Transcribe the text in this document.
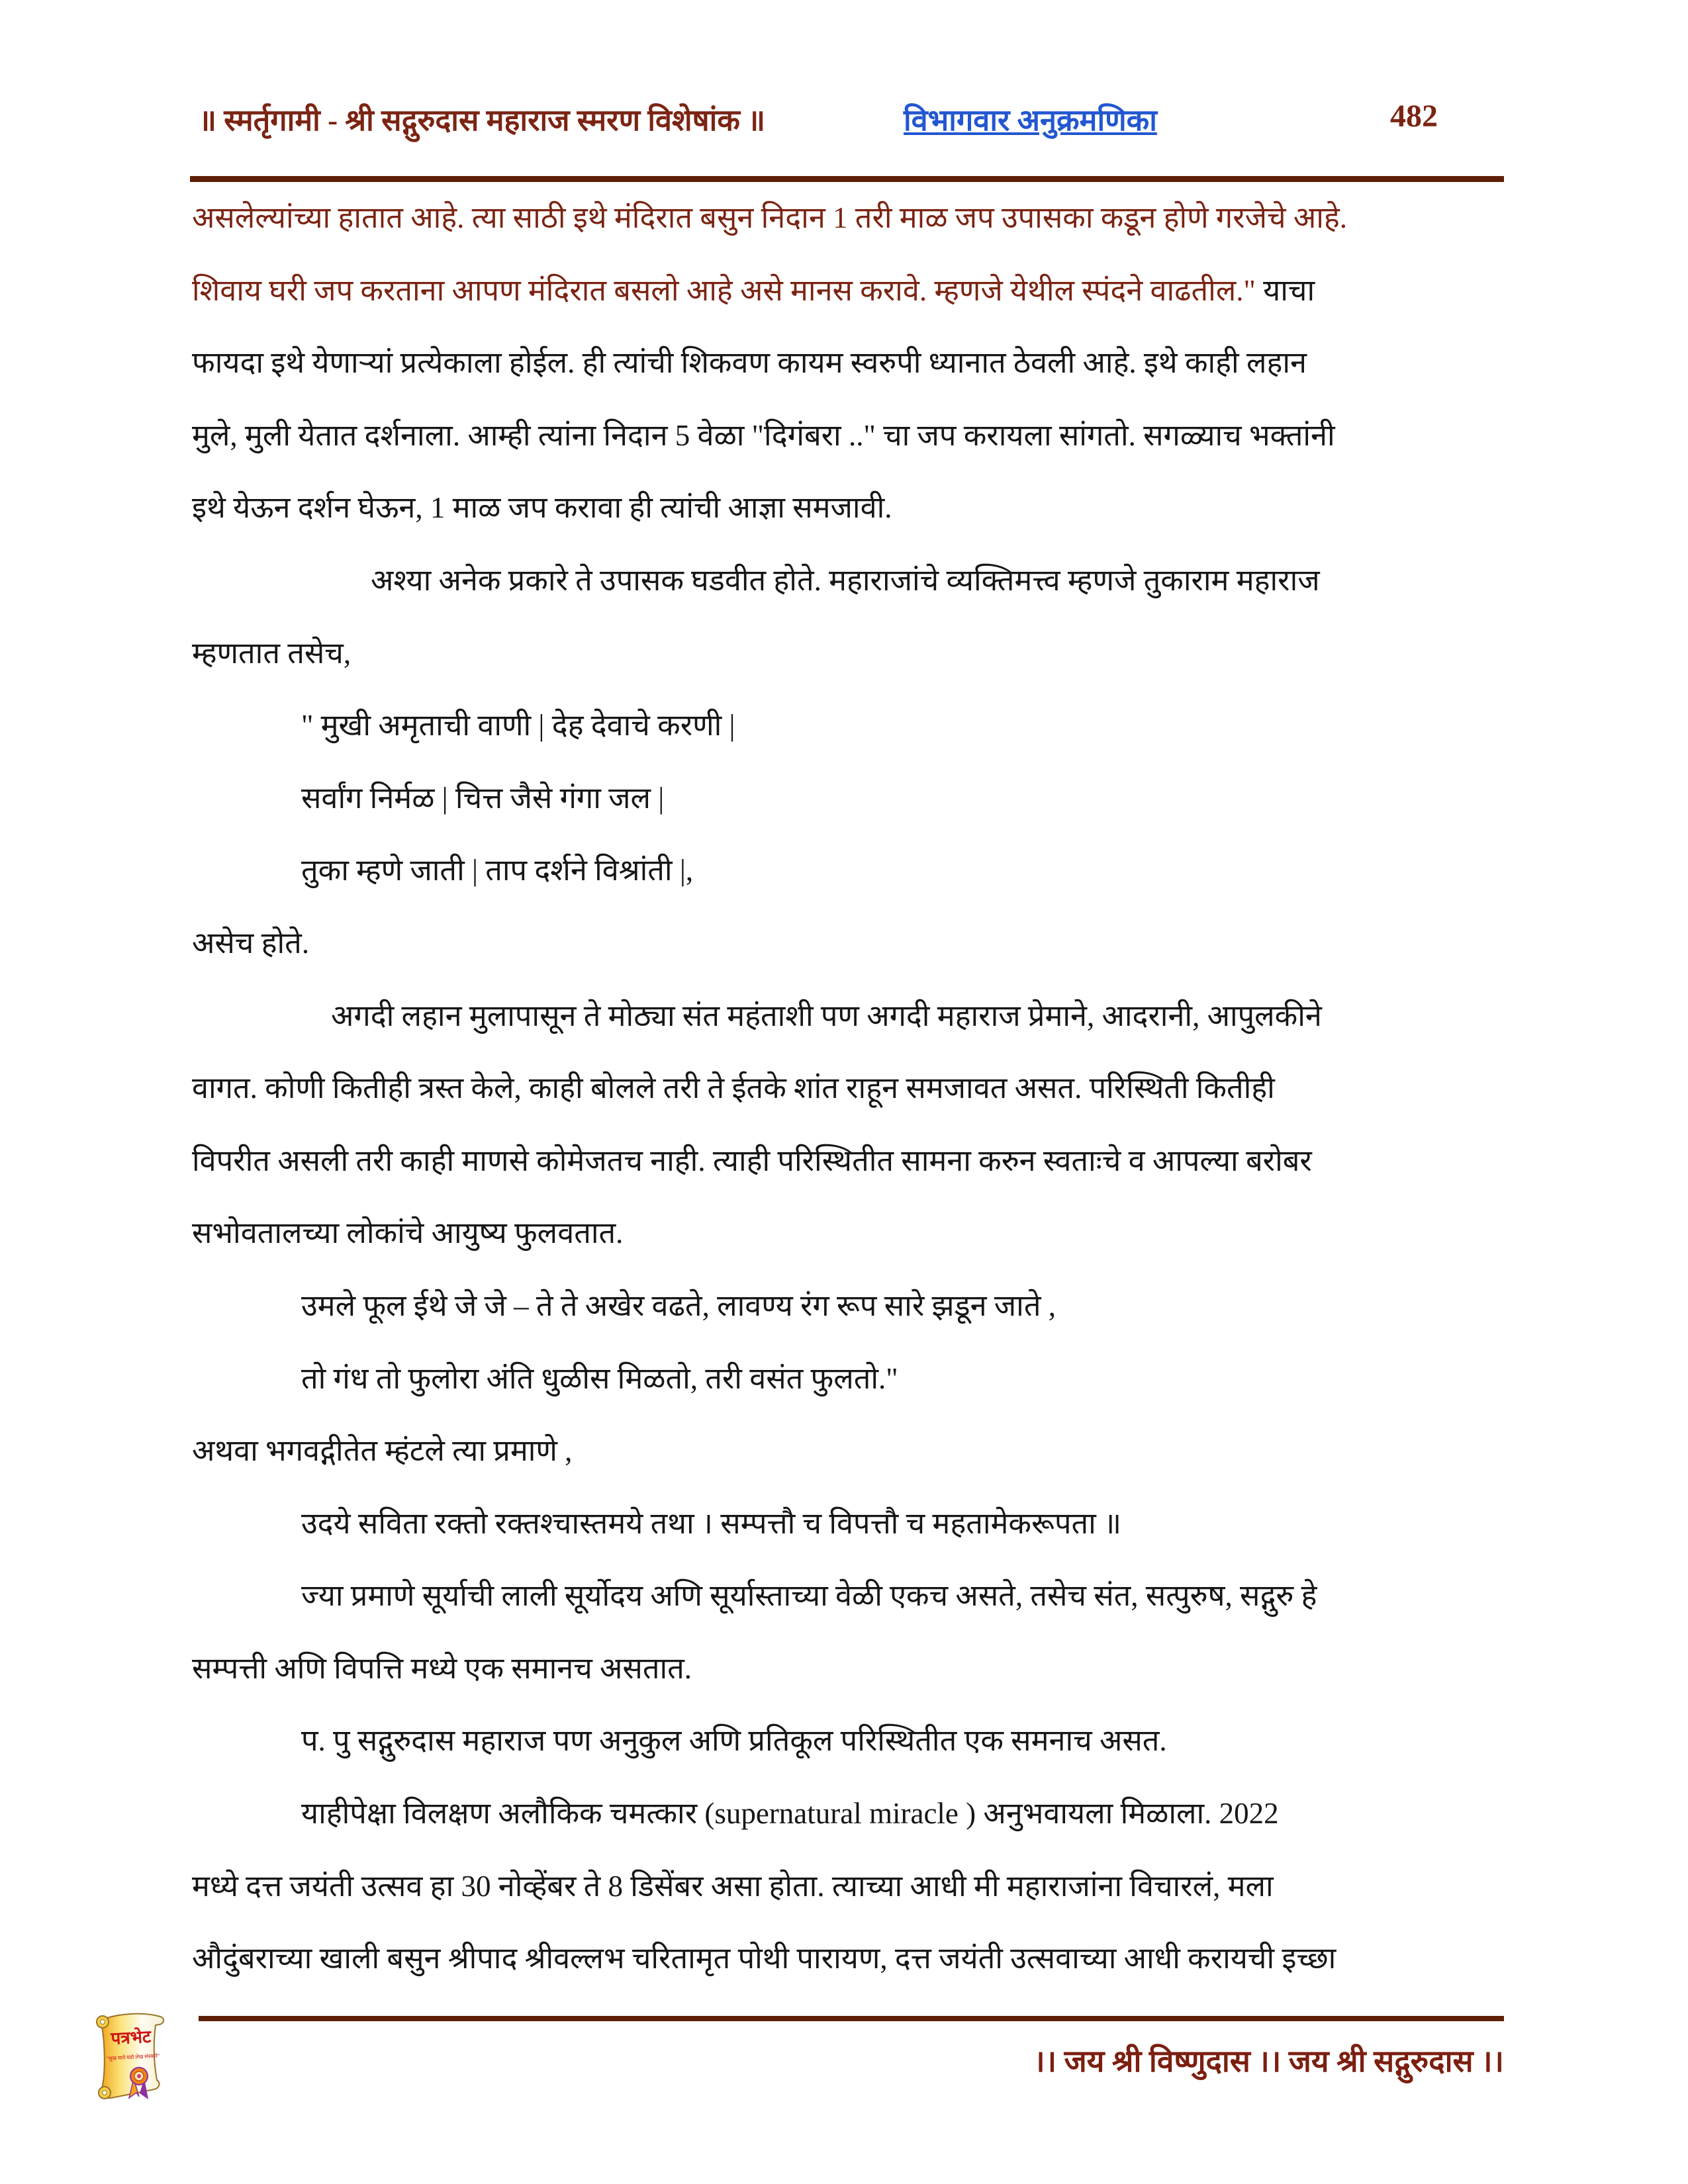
॥ स्मर्तृगामी - श्री सद्गुरुदास महाराज स्मरण विशेषांक ॥	विभागवार अनुक्रमणिका	482
असलेल्यांच्या हातात आहे. त्या साठी इथे मंदिरात बसुन निदान 1 तरी माळ जप उपासका कडून होणे गरजेचे आहे.
शिवाय घरी जप करताना आपण मंदिरात बसलो आहे असे मानस करावे. म्हणजे येथील स्पंदने वाढतील." याचा
फायदा इथे येणाऱ्यां प्रत्येकाला होईल. ही त्यांची शिकवण कायम स्वरुपी ध्यानात ठेवली आहे. इथे काही लहान
मुले, मुली येतात दर्शनाला. आम्ही त्यांना निदान 5 वेळा "दिगंबरा .." चा जप करायला सांगतो. सगळ्याच भक्तांनी
इथे येऊन दर्शन घेऊन, 1 माळ जप करावा ही त्यांची आज्ञा समजावी.
अश्या अनेक प्रकारे ते उपासक घडवीत होते. महाराजांचे व्यक्तिमत्त्व म्हणजे तुकाराम महाराज
म्हणतात तसेच,
" मुखी अमृताची वाणी | देह देवाचे करणी |
सर्वांग निर्मळ | चित्त जैसे गंगा जल |
तुका म्हणे जाती | ताप दर्शने विश्रांती |,
असेच होते.
अगदी लहान मुलापासून ते मोठ्या संत महंताशी पण अगदी महाराज प्रेमाने, आदरानी, आपुलकीने
वागत. कोणी कितीही त्रस्त केले, काही बोलले तरी ते ईतके शांत राहून समजावत असत. परिस्थिती कितीही
विपरीत असली तरी काही माणसे कोमेजतच नाही. त्याही परिस्थितीत सामना करुन स्वताःचे व आपल्या बरोबर
सभोवतालच्या लोकांचे आयुष्य फुलवतात.
उमले फूल ईथे जे जे – ते ते अखेर वढते, लावण्य रंग रूप सारे झडून जाते ,
तो गंध तो फुलोरा अंति धुळीस मिळतो, तरी वसंत फुलतो."
अथवा भगवद्गीतेत म्हंटले त्या प्रमाणे ,
उदये सविता रक्तो रक्तश्चास्तमये तथा । सम्पत्तौ च विपत्तौ च महतामेकरूपता ॥
ज्या प्रमाणे सूर्याची लाली सूर्योदय अणि सूर्यास्ताच्या वेळी एकच असते, तसेच संत, सत्पुरुष, सद्गुरु हे
सम्पत्ती अणि विपत्ति मध्ये एक समानच असतात.
प. पु सद्गुरुदास महाराज पण अनुकुल अणि प्रतिकूल परिस्थितीत एक समनाच असत.
याहीपेक्षा विलक्षण अलौकिक चमत्कार (supernatural miracle ) अनुभवायला मिळाला. 2022
मध्ये दत्त जयंती उत्सव हा 30 नोव्हेंबर ते 8 डिसेंबर असा होता. त्याच्या आधी मी महाराजांना विचारलं, मला
औदुंबराच्या खाली बसुन श्रीपाद श्रीवल्लभ चरितामृत पोथी पारायण, दत्त जयंती उत्सवाच्या आधी करायची इच्छा
।। जय श्री विष्णुदास ।। जय श्री सद्गुरुदास ।।
पत्रभेट
"सुख यावे घडो लेख संस्कारे"
